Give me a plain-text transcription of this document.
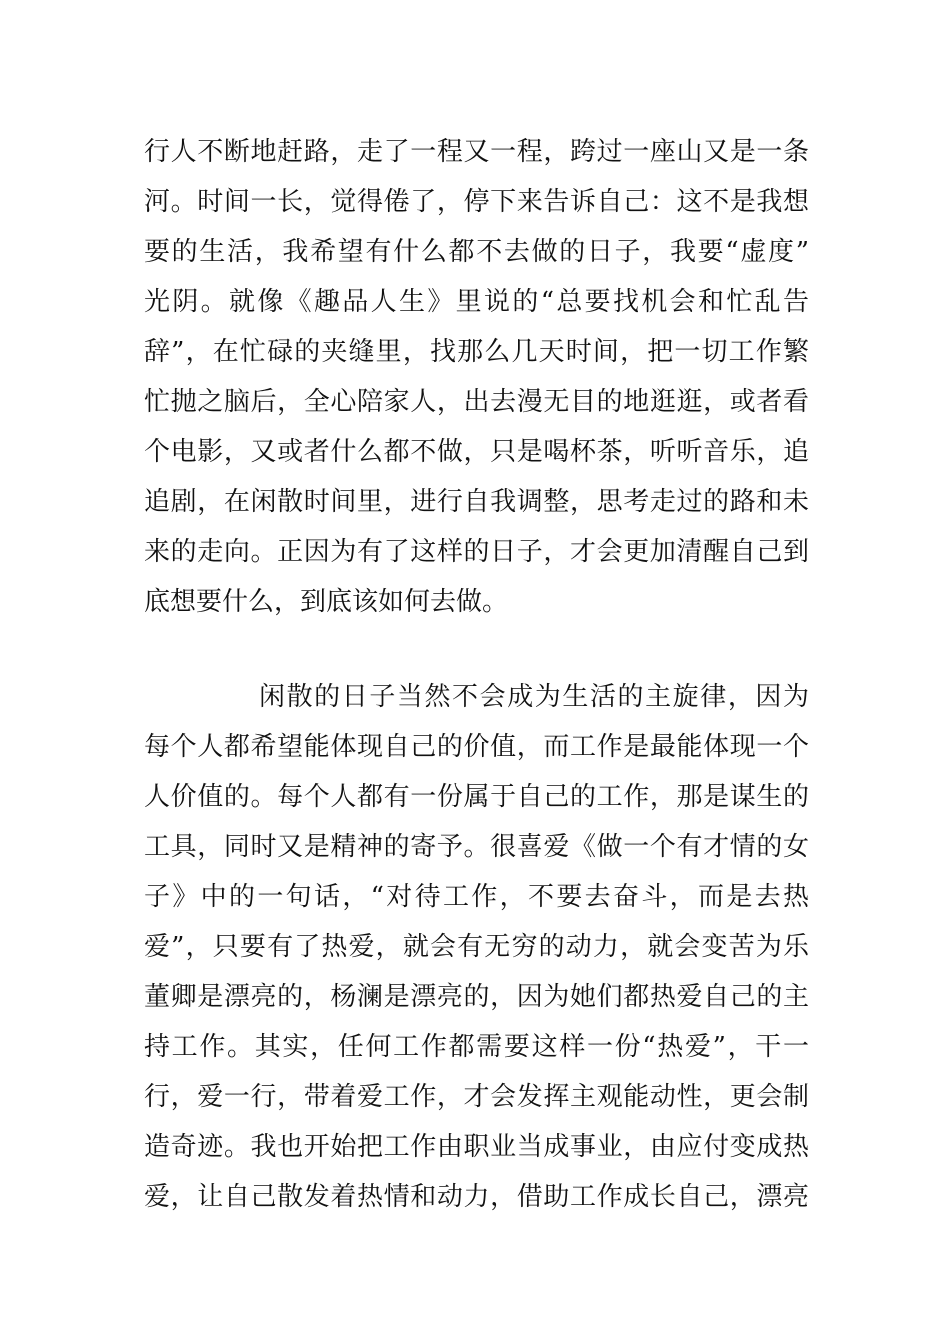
行人不断地赶路，走了一程又一程，跨过一座山又是一条
河。时间一长，觉得倦了，停下来告诉自己：这不是我想
要的生活，我希望有什么都不去做的日子，我要“虚度”
光阴。就像《趣品人生》里说的“总要找机会和忙乱告
辞”，在忙碌的夹缝里，找那么几天时间，把一切工作繁
忙抛之脑后，全心陪家人，出去漫无目的地逛逛，或者看
个电影，又或者什么都不做，只是喝杯茶，听听音乐，追
追剧，在闲散时间里，进行自我调整，思考走过的路和未
来的走向。正因为有了这样的日子，才会更加清醒自己到
底想要什么，到底该如何去做。
闲散的日子当然不会成为生活的主旋律，因为
每个人都希望能体现自己的价值，而工作是最能体现一个
人价值的。每个人都有一份属于自己的工作，那是谋生的
工具，同时又是精神的寄予。很喜爱《做一个有才情的女
子》中的一句话，“对待工作，不要去奋斗，而是去热
爱”，只要有了热爱，就会有无穷的动力，就会变苦为乐
董卿是漂亮的，杨澜是漂亮的，因为她们都热爱自己的主
持工作。其实，任何工作都需要这样一份“热爱”，干一
行，爱一行，带着爱工作，才会发挥主观能动性，更会制
造奇迹。我也开始把工作由职业当成事业，由应付变成热
爱，让自己散发着热情和动力，借助工作成长自己，漂亮
